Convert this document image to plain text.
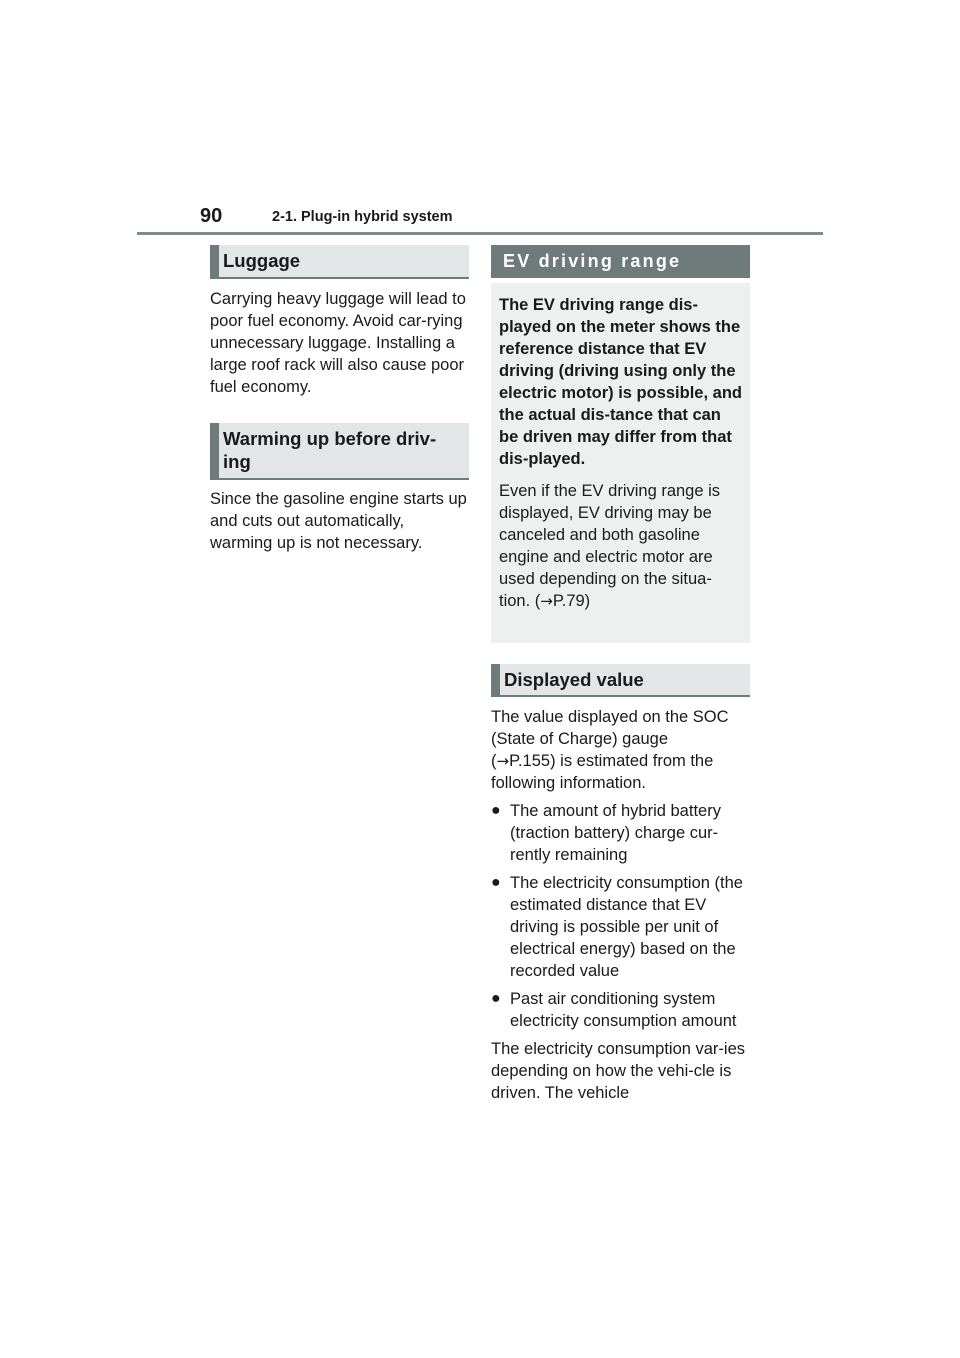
90	2-1. Plug-in hybrid system
Luggage

Carrying heavy luggage will lead to poor fuel economy. Avoid car-rying unnecessary luggage. Installing a large roof rack will also cause poor fuel economy.

Warming up before driv-ing

Since the gasoline engine starts up and cuts out automatically, warming up is not necessary.

EV driving range

The EV driving range dis-played on the meter shows the reference distance that EV driving (driving using only the electric motor) is possible, and the actual dis-tance that can be driven may differ from that dis-played.

Even if the EV driving range is displayed, EV driving may be canceled and both gasoline engine and electric motor are used depending on the situa-tion. (→P.79)

Displayed value

The value displayed on the SOC (State of Charge) gauge
(→P.155) is estimated from the following information.

● The amount of hybrid battery (traction battery) charge cur-rently remaining

● The electricity consumption (the estimated distance that EV driving is possible per unit of electrical energy) based on the recorded value

● Past air conditioning system electricity consumption amount

The electricity consumption var-ies depending on how the vehi-cle is driven. The vehicle
